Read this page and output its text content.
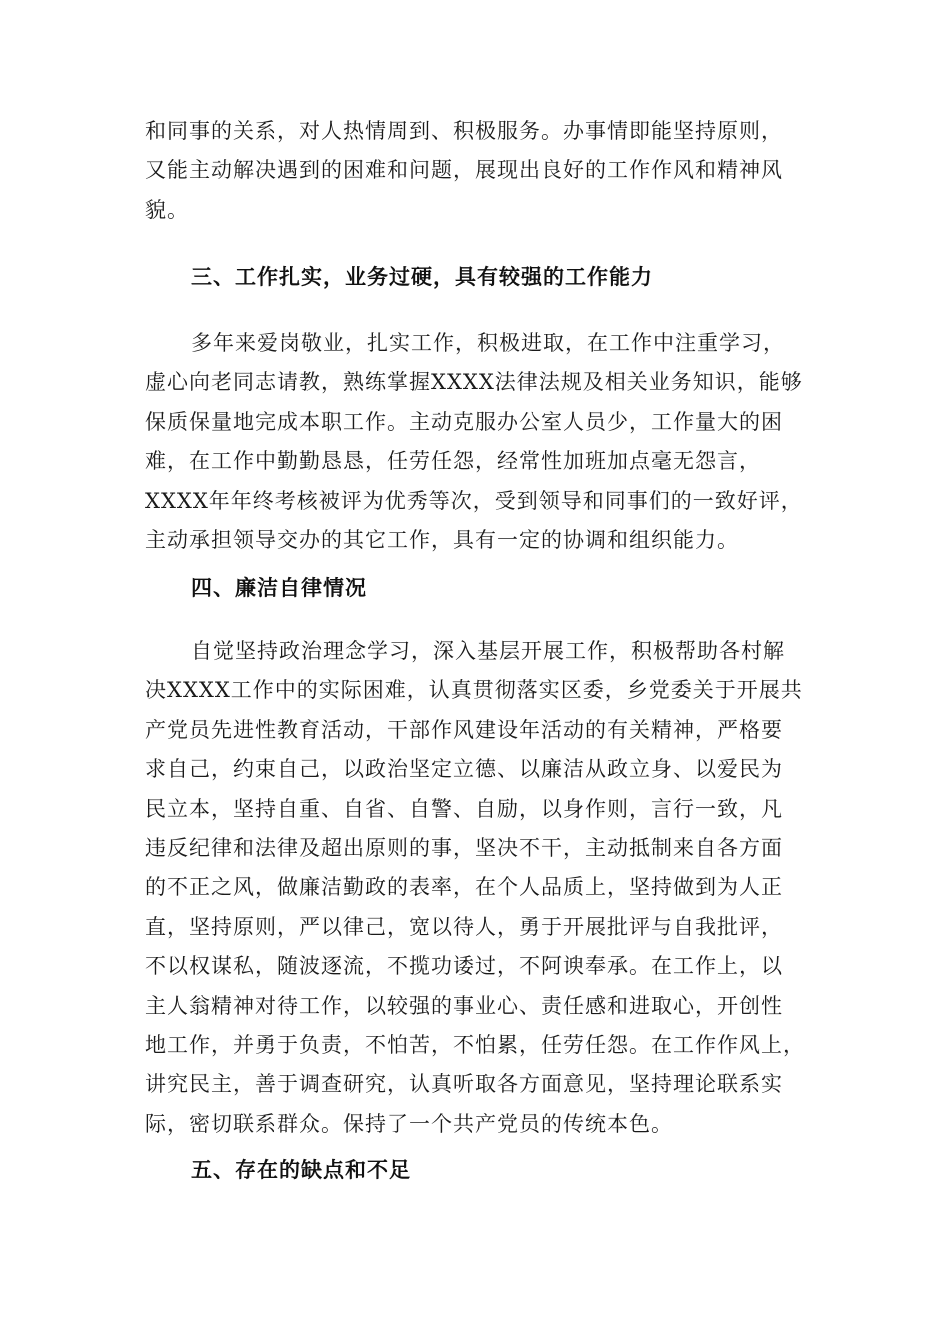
和同事的关系，对人热情周到、积极服务。办事情即能坚持原则，
又能主动解决遇到的困难和问题，展现出良好的工作作风和精神风
貌。
三、工作扎实，业务过硬，具有较强的工作能力
多年来爱岗敬业，扎实工作，积极进取，在工作中注重学习，
虚心向老同志请教，熟练掌握XXXX法律法规及相关业务知识，能够
保质保量地完成本职工作。主动克服办公室人员少，工作量大的困
难，在工作中勤勤恳恳，任劳任怨，经常性加班加点毫无怨言，
XXXX年年终考核被评为优秀等次，受到领导和同事们的一致好评，
主动承担领导交办的其它工作，具有一定的协调和组织能力。
四、廉洁自律情况
自觉坚持政治理念学习，深入基层开展工作，积极帮助各村解
决XXXX工作中的实际困难，认真贯彻落实区委，乡党委关于开展共
产党员先进性教育活动，干部作风建设年活动的有关精神，严格要
求自己，约束自己，以政治坚定立德、以廉洁从政立身、以爱民为
民立本，坚持自重、自省、自警、自励，以身作则，言行一致，凡
违反纪律和法律及超出原则的事，坚决不干，主动抵制来自各方面
的不正之风，做廉洁勤政的表率，在个人品质上，坚持做到为人正
直，坚持原则，严以律己，宽以待人，勇于开展批评与自我批评，
不以权谋私，随波逐流，不揽功诿过，不阿谀奉承。在工作上，以
主人翁精神对待工作，以较强的事业心、责任感和进取心，开创性
地工作，并勇于负责，不怕苦，不怕累，任劳任怨。在工作作风上，
讲究民主，善于调查研究，认真听取各方面意见，坚持理论联系实
际，密切联系群众。保持了一个共产党员的传统本色。
五、存在的缺点和不足
